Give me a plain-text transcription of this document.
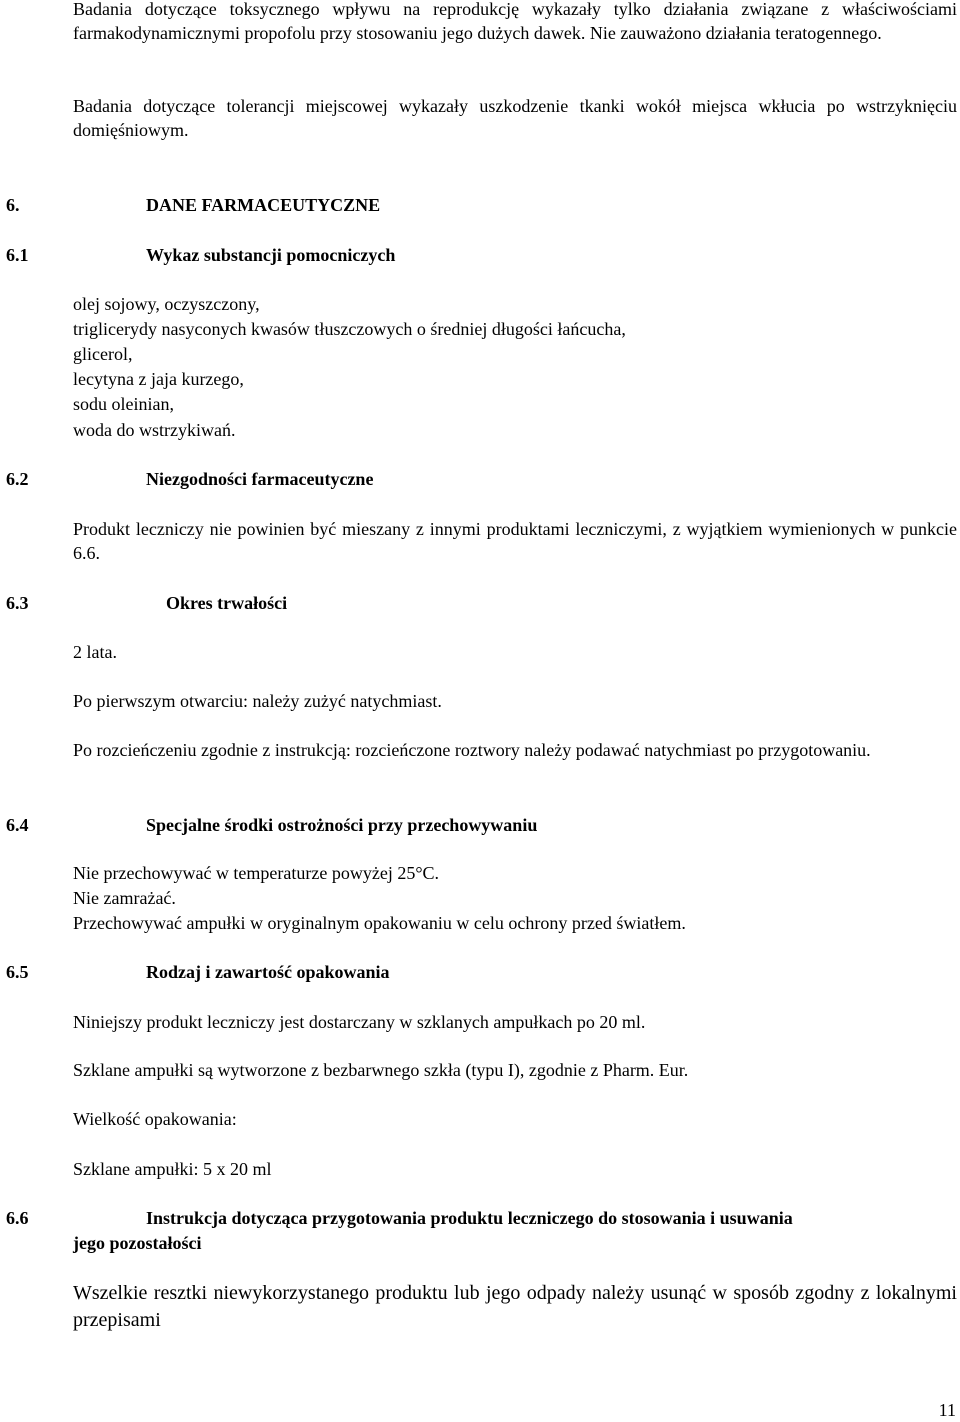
Badania dotyczące toksycznego wpływu na reprodukcję wykazały tylko działania związane z właściwościami farmakodynamicznymi propofolu przy stosowaniu jego dużych dawek. Nie zauważono działania teratogennego.
Badania dotyczące tolerancji miejscowej wykazały uszkodzenie tkanki wokół miejsca wkłucia po wstrzyknięciu domięśniowym.
6.	DANE FARMACEUTYCZNE
6.1	Wykaz substancji pomocniczych
olej sojowy, oczyszczony,
triglicerydy nasyconych kwasów tłuszczowych o średniej długości łańcucha,
glicerol,
lecytyna z jaja kurzego,
sodu oleinian,
woda do wstrzykiwań.
6.2	Niezgodności farmaceutyczne
Produkt leczniczy nie powinien być mieszany z innymi produktami leczniczymi, z wyjątkiem wymienionych w punkcie 6.6.
6.3	Okres trwałości
2 lata.
Po pierwszym otwarciu: należy zużyć natychmiast.
Po rozcieńczeniu zgodnie z instrukcją: rozcieńczone roztwory należy podawać natychmiast po przygotowaniu.
6.4	Specjalne środki ostrożności przy przechowywaniu
Nie przechowywać w temperaturze powyżej 25°C.
Nie zamrażać.
Przechowywać ampułki w oryginalnym opakowaniu w celu ochrony przed światłem.
6.5	Rodzaj i zawartość opakowania
Niniejszy produkt leczniczy jest dostarczany w szklanych ampułkach po 20 ml.
Szklane ampułki są wytworzone z bezbarwnego szkła (typu I), zgodnie z Pharm. Eur.
Wielkość opakowania:
Szklane ampułki: 5 x 20 ml
6.6	Instrukcja dotycząca przygotowania produktu leczniczego do stosowania i usuwania
jego pozostałości
Wszelkie resztki niewykorzystanego produktu lub jego odpady należy usunąć w sposób zgodny z lokalnymi przepisami
11
